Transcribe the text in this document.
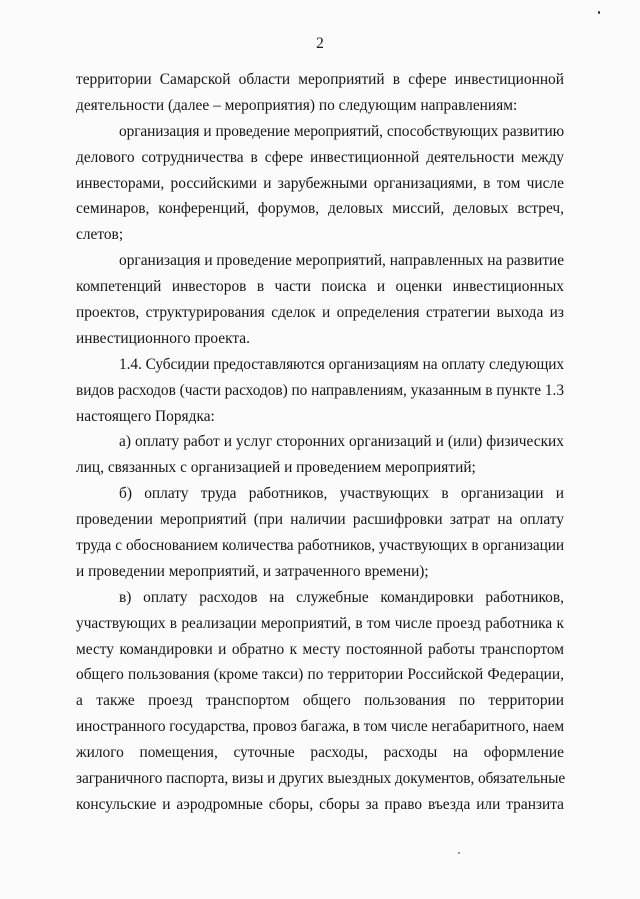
2
территории Самарской области мероприятий в сфере инвестиционной
деятельности (далее – мероприятия) по следующим направлениям:
организация и проведение мероприятий, способствующих развитию
делового сотрудничества в сфере инвестиционной деятельности между
инвесторами, российскими и зарубежными организациями, в том числе
семинаров, конференций, форумов, деловых миссий, деловых встреч,
слетов;
организация и проведение мероприятий, направленных на развитие
компетенций инвесторов в части поиска и оценки инвестиционных
проектов, структурирования сделок и определения стратегии выхода из
инвестиционного проекта.
1.4. Субсидии предоставляются организациям на оплату следующих
видов расходов (части расходов) по направлениям, указанным в пункте 1.3
настоящего Порядка:
а) оплату работ и услуг сторонних организаций и (или) физических
лиц, связанных с организацией и проведением мероприятий;
б) оплату труда работников, участвующих в организации и
проведении мероприятий (при наличии расшифровки затрат на оплату
труда с обоснованием количества работников, участвующих в организации
и проведении мероприятий, и затраченного времени);
в) оплату расходов на служебные командировки работников,
участвующих в реализации мероприятий, в том числе проезд работника к
месту командировки и обратно к месту постоянной работы транспортом
общего пользования (кроме такси) по территории Российской Федерации,
а также проезд транспортом общего пользования по территории
иностранного государства, провоз багажа, в том числе негабаритного, наем
жилого помещения, суточные расходы, расходы на оформление
заграничного паспорта, визы и других выездных документов, обязательные
консульские и аэродромные сборы, сборы за право въезда или транзита
